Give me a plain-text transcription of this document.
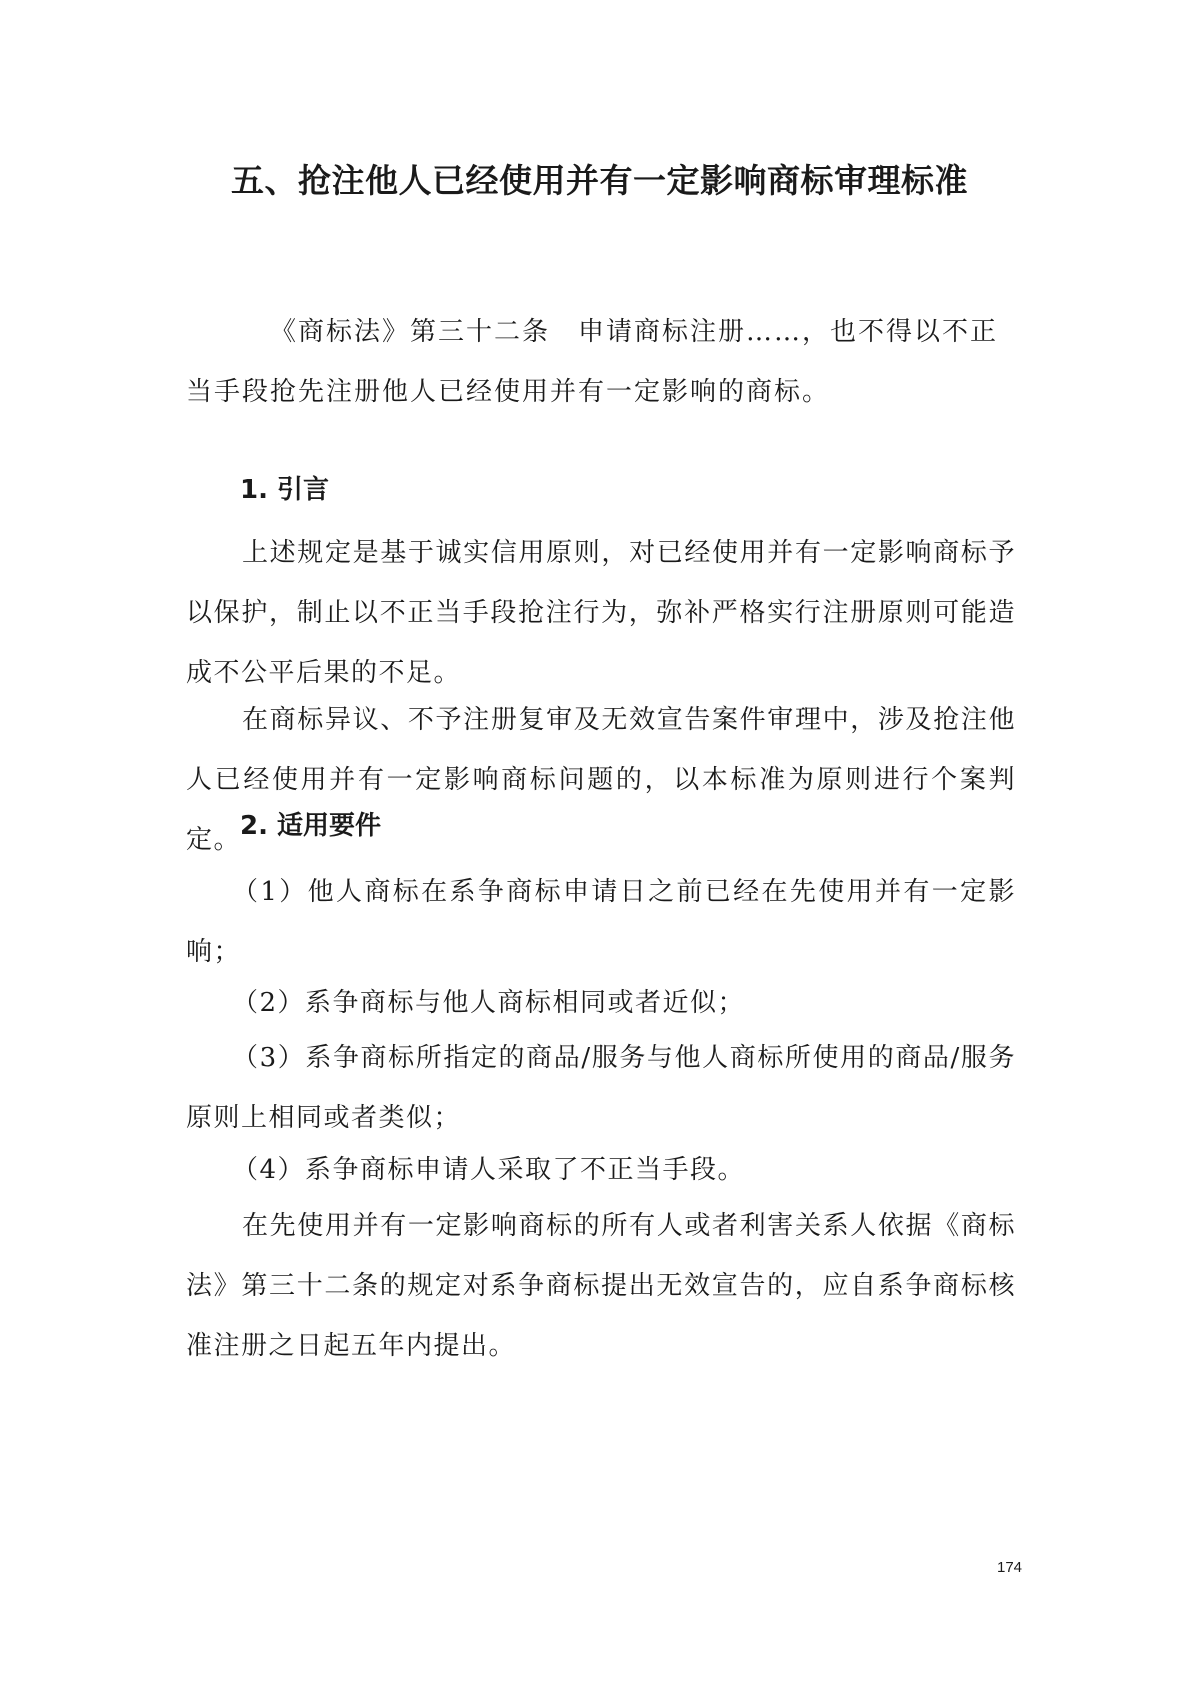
五、抢注他人已经使用并有一定影响商标审理标准
《商标法》第三十二条　申请商标注册……，也不得以不正
当手段抢先注册他人已经使用并有一定影响的商标。
1. 引言

上述规定是基于诚实信用原则，对已经使用并有一定影响商标予以保护，制止以不正当手段抢注行为，弥补严格实行注册原则可能造成不公平后果的不足。

在商标异议、不予注册复审及无效宣告案件审理中，涉及抢注他人已经使用并有一定影响商标问题的，以本标准为原则进行个案判定。

2. 适用要件

（1）他人商标在系争商标申请日之前已经在先使用并有一定影响；

（2）系争商标与他人商标相同或者近似；

（3）系争商标所指定的商品/服务与他人商标所使用的商品/服务原则上相同或者类似；

（4）系争商标申请人采取了不正当手段。

在先使用并有一定影响商标的所有人或者利害关系人依据《商标法》第三十二条的规定对系争商标提出无效宣告的，应自系争商标核准注册之日起五年内提出。

174
